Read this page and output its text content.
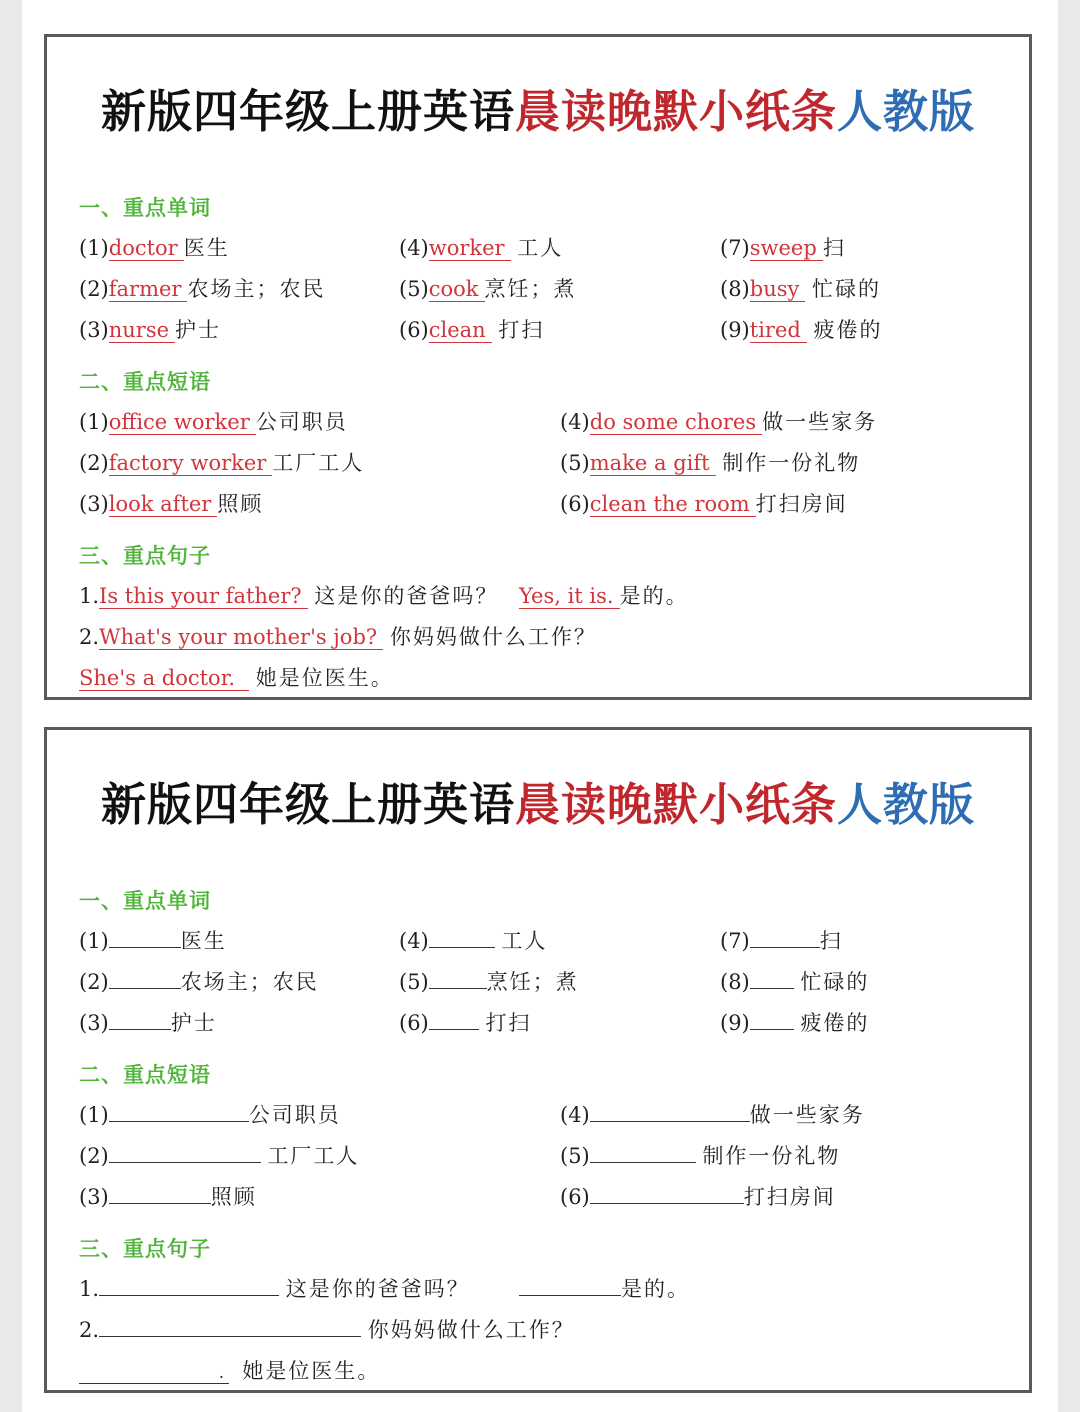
新版四年级上册英语晨读晚默小纸条人教版
一、重点单词
(1)doctor 医生
(2)farmer 农场主；农民
(3)nurse 护士
(4)worker 工人
(5)cook 烹饪；煮
(6)clean 打扫
(7)sweep 扫
(8)busy 忙碌的
(9)tired 疲倦的
二、重点短语
(1)office worker 公司职员
(2)factory worker 工厂工人
(3)look after 照顾
(4)do some chores 做一些家务
(5)make a gift 制作一份礼物
(6)clean the room 打扫房间
三、重点句子
1.Is this your father? 这是你的爸爸吗？ Yes, it is. 是的。
2.What's your mother's job? 你妈妈做什么工作？
She's a doctor. 她是位医生。
新版四年级上册英语晨读晚默小纸条人教版
一、重点单词
(1)	医生
(2)	农场主；农民
(3)	护士
(4)	工人
(5)	烹饪；煮
(6)	打扫
(7)	扫
(8) 忙碌的
(9) 疲倦的
二、重点短语
(1)	公司职员
(2)	工厂工人
(3)	照顾
(4)	做一些家务
(5)	制作一份礼物
(6)	打扫房间
三、重点句子
1.	这是你的爸爸吗？	是的。
2.	你妈妈做什么工作？
. 她是位医生。
